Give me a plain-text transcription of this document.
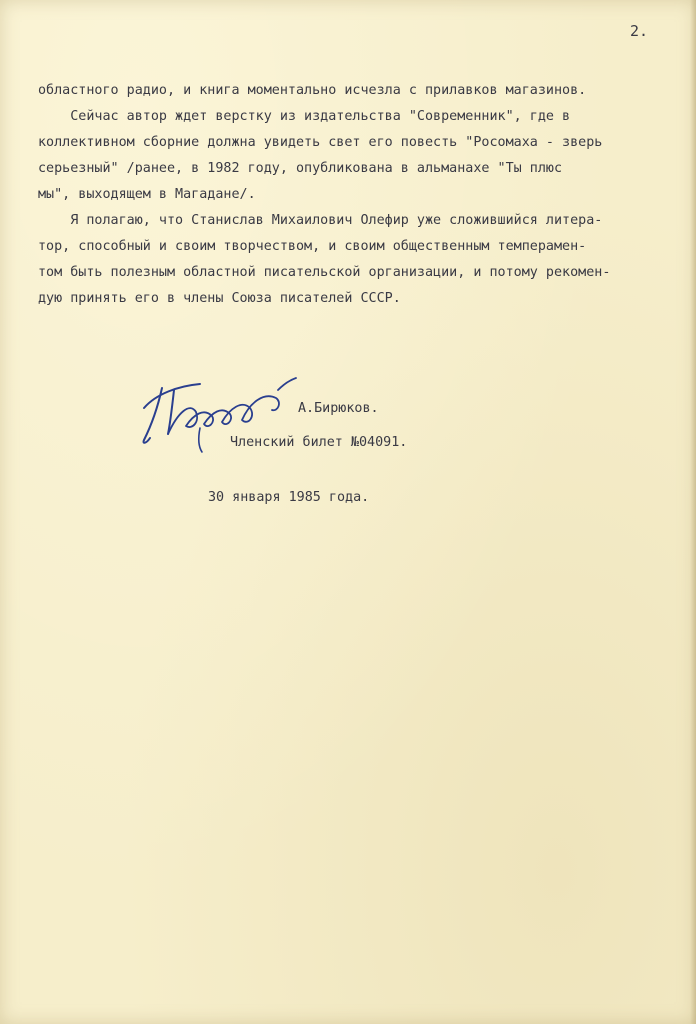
2.
областного радио, и книга моментально исчезла с прилавков магазинов.
Сейчас автор ждет верстку из издательства "Современник", где в
коллективном сборние должна увидеть свет его повесть "Росомаха - зверь
серьезный" /ранее, в 1982 году, опубликована в альманахе "Ты плюс
мы", выходящем в Магадане/.
Я полагаю, что Станислав Михаилович Олефир уже сложившийся литера-
тор, способный и своим творчеством, и своим общественным темперамен-
том быть полезным областной писательской организации, и потому рекомен-
дую принять его в члены Союза писателей СССР.
А.Бирюков.
Членский билет №04091.
30 января 1985 года.
